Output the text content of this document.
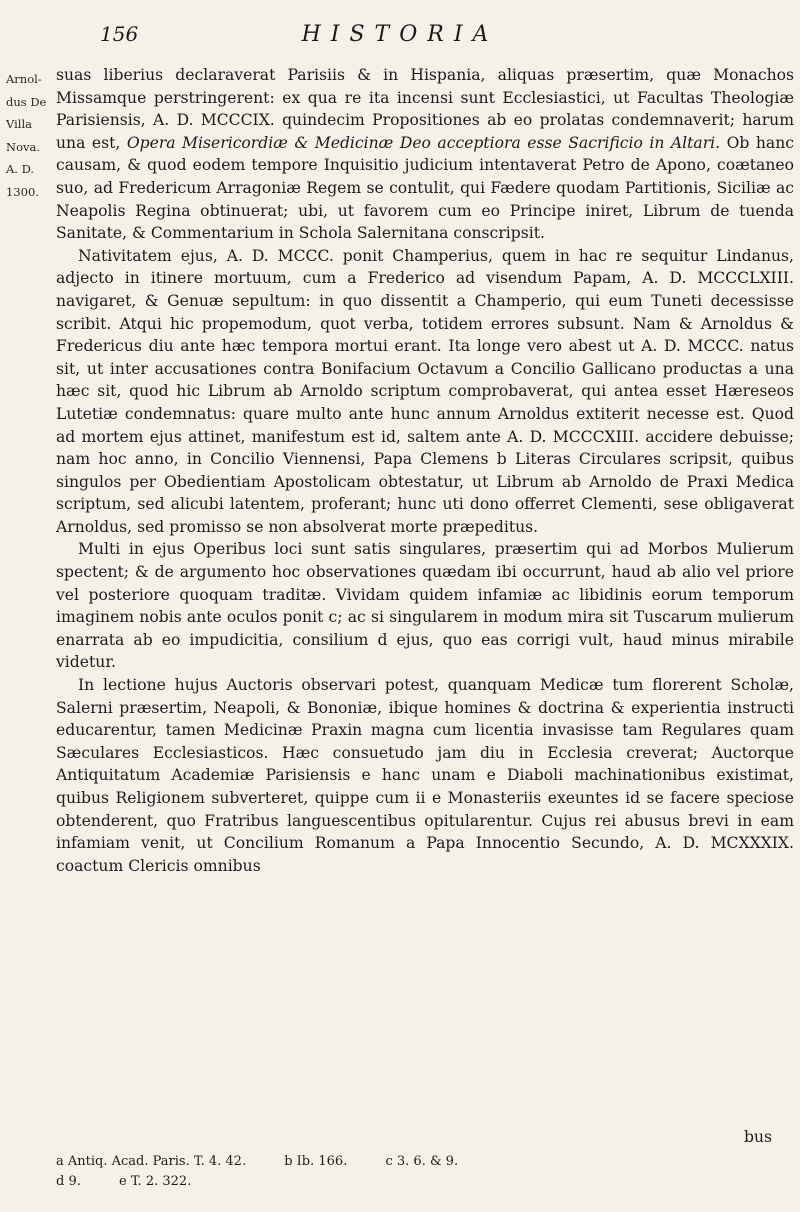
156	HISTORIA
Arnol-
dus De
Villa
Nova.
A. D.
1300.

suas liberius declaraverat Parisiis & in Hispania, aliquas præsertim, quæ Monachos Missamque perstringerent: ex qua re ita incensi sunt Ecclesiastici, ut Facultas Theologiæ Parisiensis, A. D. MCCCIX. quindecim Propositiones ab eo prolatas condemnaverit; harum una est, Opera Misericordiæ & Medicinæ Deo acceptiora esse Sacrificio in Altari. Ob hanc causam, & quod eodem tempore Inquisitio judicium intentaverat Petro de Apono, coætaneo suo, ad Fredericum Arragoniæ Regem se contulit, qui Fædere quodam Partitionis, Siciliæ ac Neapolis Regina obtinuerat; ubi, ut favorem cum eo Principe iniret, Librum de tuenda Sanitate, & Commentarium in Schola Salernitana conscripsit.

Nativitatem ejus, A. D. MCCC. ponit Champerius, quem in hac re sequitur Lindanus, adjecto in itinere mortuum, cum a Frederico ad visendum Papam, A. D. MCCCLXIII. navigaret, & Genuæ sepultum: in quo dissentit a Champerio, qui eum Tuneti decessisse scribit. Atqui hic propemodum, quot verba, totidem errores subsunt. Nam & Arnoldus & Fredericus diu ante hæc tempora mortui erant. Ita longe vero abest ut A. D. MCCC. natus sit, ut inter accusationes contra Bonifacium Octavum a Concilio Gallicano productas a una hæc sit, quod hic Librum ab Arnoldo scriptum comprobaverat, qui antea esset Hæreseos Lutetiæ condemnatus: quare multo ante hunc annum Arnoldus extiterit necesse est. Quod ad mortem ejus attinet, manifestum est id, saltem ante A. D. MCCCXIII. accidere debuisse; nam hoc anno, in Concilio Viennensi, Papa Clemens b Literas Circulares scripsit, quibus singulos per Obedientiam Apostolicam obtestatur, ut Librum ab Arnoldo de Praxi Medica scriptum, sed alicubi latentem, proferant; hunc uti dono offerret Clementi, sese obligaverat Arnoldus, sed promisso se non absolverat morte præpeditus.

Multi in ejus Operibus loci sunt satis singulares, præsertim qui ad Morbos Mulierum spectent; & de argumento hoc observationes quædam ibi occurrunt, haud ab alio vel priore vel posteriore quoquam traditæ. Vividam quidem infamiæ ac libidinis eorum temporum imaginem nobis ante oculos ponit c; ac si singularem in modum mira sit Tuscarum mulierum enarrata ab eo impudicitia, consilium d ejus, quo eas corrigi vult, haud minus mirabile videtur.

In lectione hujus Auctoris observari potest, quanquam Medicæ tum florerent Scholæ, Salerni præsertim, Neapoli, & Bononiæ, ibique homines & doctrina & experientia instructi educarentur, tamen Medicinæ Praxin magna cum licentia invasisse tam Regulares quam Sæculares Ecclesiasticos. Hæc consuetudo jam diu in Ecclesia creverat; Auctorque Antiquitatum Academiæ Parisiensis e hanc unam e Diaboli machinationibus existimat, quibus Religionem subverteret, quippe cum ii e Monasteriis exeuntes id se facere speciose obtenderent, quo Fratribus languescentibus opitularentur. Cujus rei abusus brevi in eam infamiam venit, ut Concilium Romanum a Papa Innocentio Secundo, A. D. MCXXXIX. coactum Clericis omnibus

bus
a Antiq. Acad. Paris. T. 4. 42.	b Ib. 166.	c 3. 6. & 9.
d 9.	e T. 2. 322.
